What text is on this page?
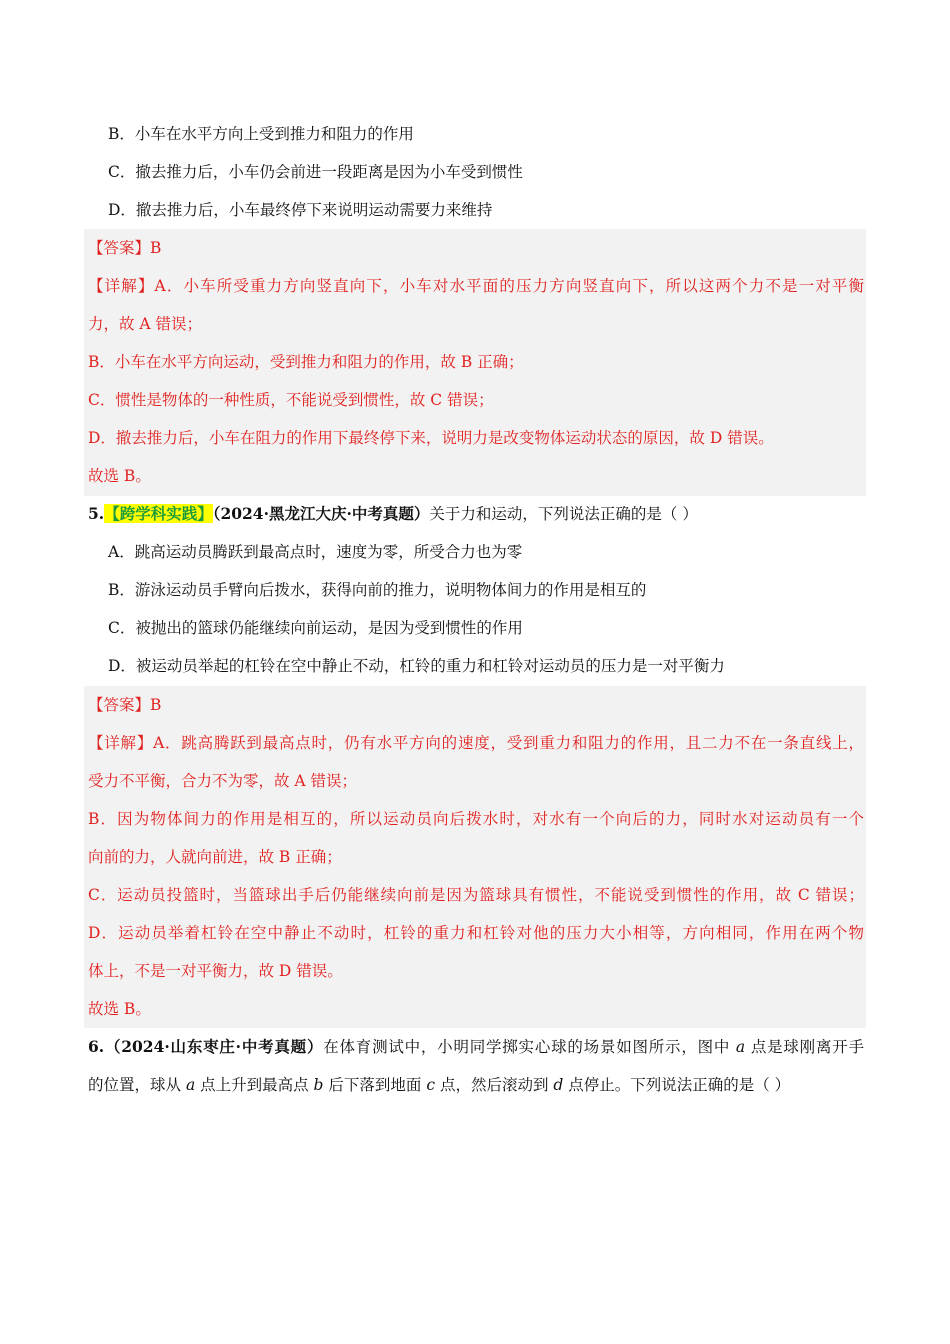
B．小车在水平方向上受到推力和阻力的作用
C．撤去推力后，小车仍会前进一段距离是因为小车受到惯性
D．撤去推力后，小车最终停下来说明运动需要力来维持
【答案】B
【详解】A．小车所受重力方向竖直向下，小车对水平面的压力方向竖直向下，所以这两个力不是一对平衡
力，故 A 错误；
B．小车在水平方向运动，受到推力和阻力的作用，故 B 正确；
C．惯性是物体的一种性质，不能说受到惯性，故 C 错误；
D．撤去推力后，小车在阻力的作用下最终停下来，说明力是改变物体运动状态的原因，故 D 错误。
故选 B。
5.【跨学科实践】（2024·黑龙江大庆·中考真题）关于力和运动，下列说法正确的是（ ）
A．跳高运动员腾跃到最高点时，速度为零，所受合力也为零
B．游泳运动员手臂向后拨水，获得向前的推力，说明物体间力的作用是相互的
C．被抛出的篮球仍能继续向前运动，是因为受到惯性的作用
D．被运动员举起的杠铃在空中静止不动，杠铃的重力和杠铃对运动员的压力是一对平衡力
【答案】B
【详解】A．跳高腾跃到最高点时，仍有水平方向的速度，受到重力和阻力的作用，且二力不在一条直线上，
受力不平衡，合力不为零，故 A 错误；
B．因为物体间力的作用是相互的，所以运动员向后拨水时，对水有一个向后的力，同时水对运动员有一个
向前的力，人就向前进，故 B 正确；
C．运动员投篮时，当篮球出手后仍能继续向前是因为篮球具有惯性，不能说受到惯性的作用，故 C 错误；
D．运动员举着杠铃在空中静止不动时，杠铃的重力和杠铃对他的压力大小相等，方向相同，作用在两个物
体上，不是一对平衡力，故 D 错误。
故选 B。
6.（2024·山东枣庄·中考真题）在体育测试中，小明同学掷实心球的场景如图所示，图中 a 点是球刚离开手
的位置，球从 a 点上升到最高点 b 后下落到地面 c 点，然后滚动到 d 点停止。下列说法正确的是（ ）
